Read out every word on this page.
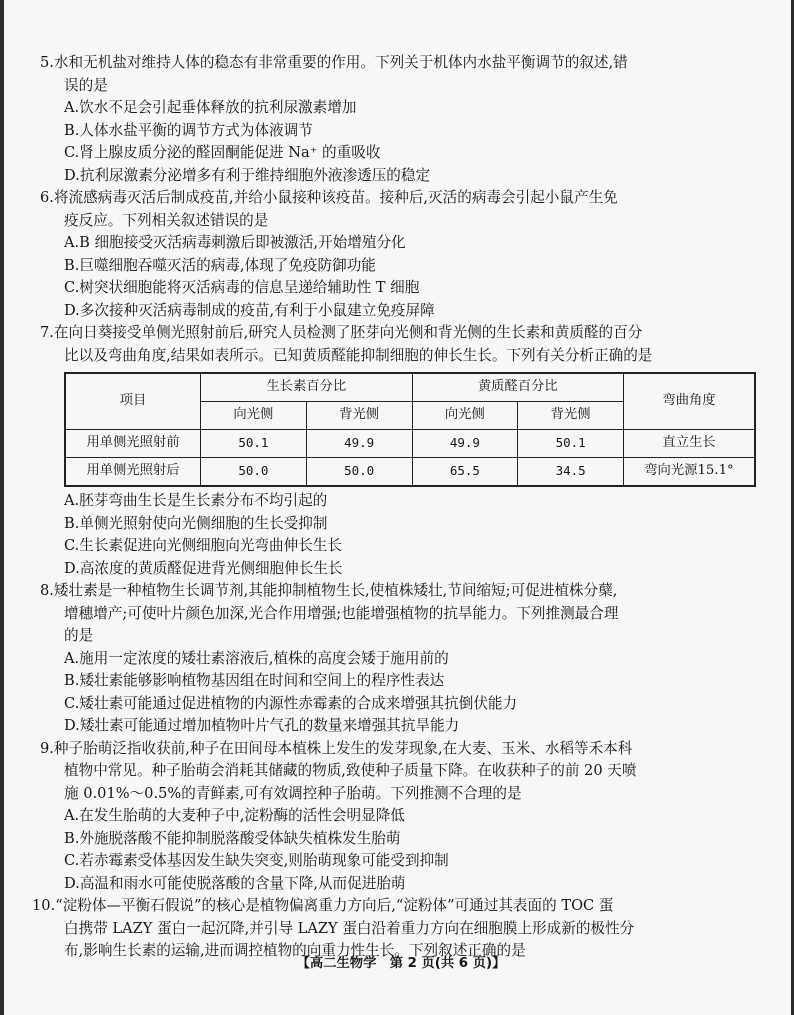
5.水和无机盐对维持人体的稳态有非常重要的作用。下列关于机体内水盐平衡调节的叙述,错

误的是

A.饮水不足会引起垂体释放的抗利尿激素增加

B.人体水盐平衡的调节方式为体液调节

C.肾上腺皮质分泌的醛固酮能促进 Na⁺ 的重吸收

D.抗利尿激素分泌增多有利于维持细胞外液渗透压的稳定

6.将流感病毒灭活后制成疫苗,并给小鼠接种该疫苗。接种后,灭活的病毒会引起小鼠产生免

疫反应。下列相关叙述错误的是

A.B 细胞接受灭活病毒刺激后即被激活,开始增殖分化

B.巨噬细胞吞噬灭活的病毒,体现了免疫防御功能

C.树突状细胞能将灭活病毒的信息呈递给辅助性 T 细胞

D.多次接种灭活病毒制成的疫苗,有利于小鼠建立免疫屏障

7.在向日葵接受单侧光照射前后,研究人员检测了胚芽向光侧和背光侧的生长素和黄质醛的百分

比以及弯曲角度,结果如表所示。已知黄质醛能抑制细胞的伸长生长。下列有关分析正确的是

项目	生长素百分比		黄质醛百分比		弯曲角度
	向光侧	背光侧	向光侧	背光侧	
用单侧光照射前	50.1	49.9	49.9	50.1	直立生长
用单侧光照射后	50.0	50.0	65.5	34.5	弯向光源15.1°

A.胚芽弯曲生长是生长素分布不均引起的

B.单侧光照射使向光侧细胞的生长受抑制

C.生长素促进向光侧细胞向光弯曲伸长生长

D.高浓度的黄质醛促进背光侧细胞伸长生长

8.矮壮素是一种植物生长调节剂,其能抑制植物生长,使植株矮壮,节间缩短;可促进植株分蘖,

增穗增产;可使叶片颜色加深,光合作用增强;也能增强植物的抗旱能力。下列推测最合理

的是

A.施用一定浓度的矮壮素溶液后,植株的高度会矮于施用前的

B.矮壮素能够影响植物基因组在时间和空间上的程序性表达

C.矮壮素可能通过促进植物的内源性赤霉素的合成来增强其抗倒伏能力

D.矮壮素可能通过增加植物叶片气孔的数量来增强其抗旱能力

9.种子胎萌泛指收获前,种子在田间母本植株上发生的发芽现象,在大麦、玉米、水稻等禾本科

植物中常见。种子胎萌会消耗其储藏的物质,致使种子质量下降。在收获种子的前 20 天喷

施 0.01%～0.5%的青鲜素,可有效调控种子胎萌。下列推测不合理的是

A.在发生胎萌的大麦种子中,淀粉酶的活性会明显降低

B.外施脱落酸不能抑制脱落酸受体缺失植株发生胎萌

C.若赤霉素受体基因发生缺失突变,则胎萌现象可能受到抑制

D.高温和雨水可能使脱落酸的含量下降,从而促进胎萌

10.“淀粉体—平衡石假说”的核心是植物偏离重力方向后,“淀粉体”可通过其表面的 TOC 蛋

白携带 LAZY 蛋白一起沉降,并引导 LAZY 蛋白沿着重力方向在细胞膜上形成新的极性分

布,影响生长素的运输,进而调控植物的向重力性生长。下列叙述正确的是

【高二生物学　第 2 页(共 6 页)】
